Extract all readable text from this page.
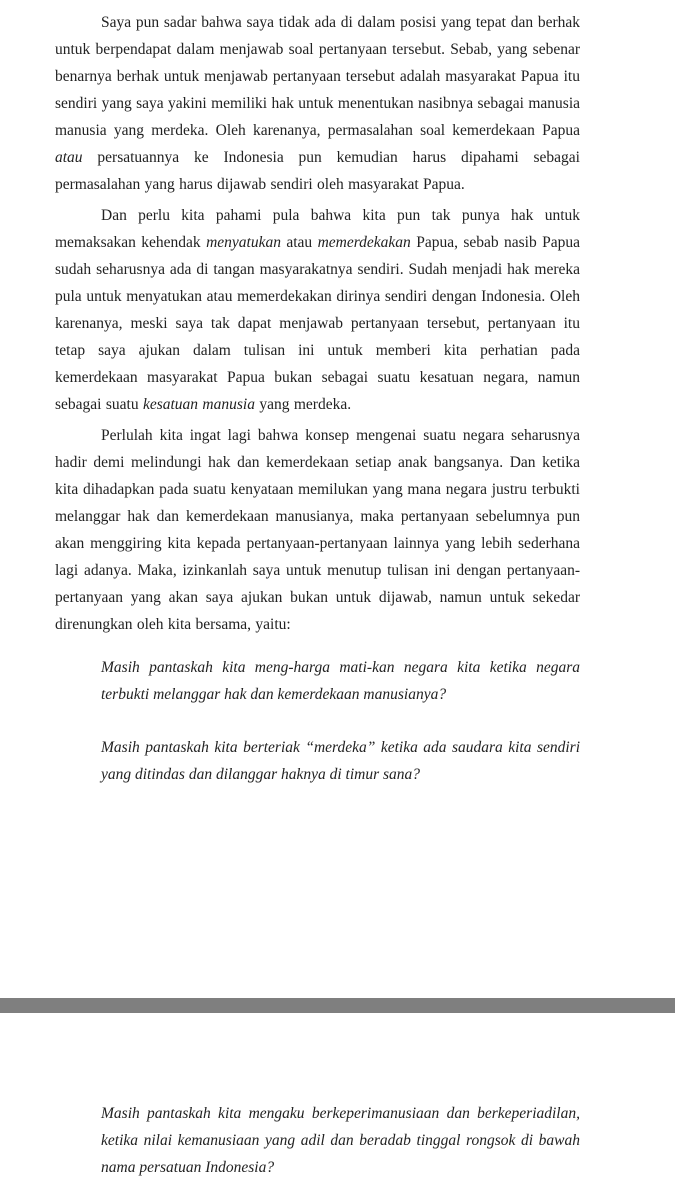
Saya pun sadar bahwa saya tidak ada di dalam posisi yang tepat dan berhak untuk berpendapat dalam menjawab soal pertanyaan tersebut. Sebab, yang sebenar benarnya berhak untuk menjawab pertanyaan tersebut adalah masyarakat Papua itu sendiri yang saya yakini memiliki hak untuk menentukan nasibnya sebagai manusia manusia yang merdeka. Oleh karenanya, permasalahan soal kemerdekaan Papua atau persatuannya ke Indonesia pun kemudian harus dipahami sebagai permasalahan yang harus dijawab sendiri oleh masyarakat Papua.

Dan perlu kita pahami pula bahwa kita pun tak punya hak untuk memaksakan kehendak menyatukan atau memerdekakan Papua, sebab nasib Papua sudah seharusnya ada di tangan masyarakatnya sendiri. Sudah menjadi hak mereka pula untuk menyatukan atau memerdekakan dirinya sendiri dengan Indonesia. Oleh karenanya, meski saya tak dapat menjawab pertanyaan tersebut, pertanyaan itu tetap saya ajukan dalam tulisan ini untuk memberi kita perhatian pada kemerdekaan masyarakat Papua bukan sebagai suatu kesatuan negara, namun sebagai suatu kesatuan manusia yang merdeka.

Perlulah kita ingat lagi bahwa konsep mengenai suatu negara seharusnya hadir demi melindungi hak dan kemerdekaan setiap anak bangsanya. Dan ketika kita dihadapkan pada suatu kenyataan memilukan yang mana negara justru terbukti melanggar hak dan kemerdekaan manusianya, maka pertanyaan sebelumnya pun akan menggiring kita kepada pertanyaan-pertanyaan lainnya yang lebih sederhana lagi adanya. Maka, izinkanlah saya untuk menutup tulisan ini dengan pertanyaan-pertanyaan yang akan saya ajukan bukan untuk dijawab, namun untuk sekedar direnungkan oleh kita bersama, yaitu:

Masih pantaskah kita meng-harga mati-kan negara kita ketika negara terbukti melanggar hak dan kemerdekaan manusianya?
Masih pantaskah kita berteriak “merdeka” ketika ada saudara kita sendiri yang ditindas dan dilanggar haknya di timur sana?
Masih pantaskah kita mengaku berkeperimanusiaan dan berkeperiadilan, ketika nilai kemanusiaan yang adil dan beradab tinggal rongsok di bawah nama persatuan Indonesia?
